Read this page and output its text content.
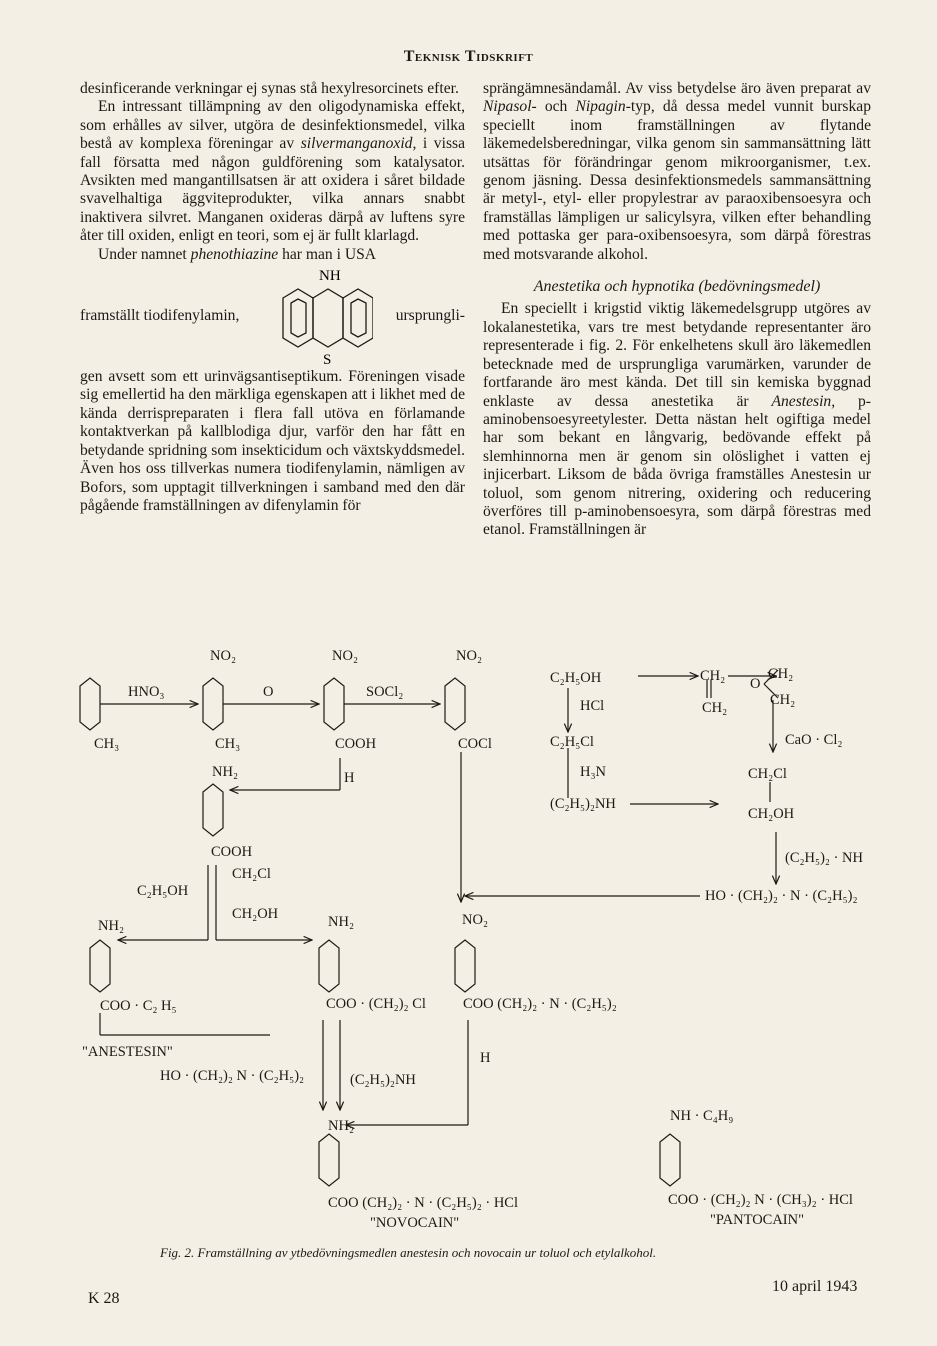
Teknisk Tidskrift

desinficerande verkningar ej synas stå hexylresorcinets efter.

En intressant tillämpning av den oligodynamiska effekt, som erhålles av silver, utgöra de desinfektionsmedel, vilka bestå av komplexa föreningar av silvermanganoxid, i vissa fall försatta med någon guldförening som katalysator. Avsikten med mangantillsatsen är att oxidera i såret bildade svavelhaltiga äggviteprodukter, vilka annars snabbt inaktivera silvret. Manganen oxideras därpå av luftens syre åter till oxiden, enligt en teori, som ej är fullt klarlagd.

Under namnet phenothiazine har man i USA

framställt tiodifenylamin,
NH
S
ursprungli-

gen avsett som ett urinvägsantiseptikum. Föreningen visade sig emellertid ha den märkliga egenskapen att i likhet med de kända derrispreparaten i flera fall utöva en förlamande kontaktverkan på kallblodiga djur, varför den har fått en betydande spridning som insekticidum och växtskyddsmedel. Även hos oss tillverkas numera tiodifenylamin, nämligen av Bofors, som upptagit tillverkningen i samband med den där pågående framställningen av difenylamin för

sprängämnesändamål. Av viss betydelse äro även preparat av Nipasol- och Nipagin-typ, då dessa medel vunnit burskap speciellt inom framställningen av flytande läkemedelsberedningar, vilka genom sin sammansättning lätt utsättas för förändringar genom mikroorganismer, t.ex. genom jäsning. Dessa desinfektionsmedels sammansättning är metyl-, etyl- eller propylestrar av paraoxibensoesyra och framställas lämpligen ur salicylsyra, vilken efter behandling med pottaska ger para-oxibensoesyra, som därpå förestras med motsvarande alkohol.

Anestetika och hypnotika (bedövningsmedel)

En speciellt i krigstid viktig läkemedelsgrupp utgöres av lokalanestetika, vars tre mest betydande representanter äro representerade i fig. 2. För enkelhetens skull äro läkemedlen betecknade med de ursprungliga varumärken, varunder de fortfarande äro mest kända. Det till sin kemiska byggnad enklaste av dessa anestetika är Anestesin, p-aminobensoesyreetylester. Detta nästan helt ogiftiga medel har som bekant en långvarig, bedövande effekt på slemhinnorna men är genom sin olöslighet i vatten ej injicerbart. Liksom de båda övriga framställes Anestesin ur toluol, som genom nitrering, oxidering och reducering överföres till p-aminobensoesyra, som därpå förestras med etanol. Framställningen är

NO₂	NO₂	NO₂
HNO₃	O	SOCl₂
CH₃	CH₃	COOH	COCl
NH₂	H
COOH
CH₂Cl
CH₂OH
C₂H₅OH
NH₂	NH₂	NO₂
COO · C₂ H₅	COO · (CH₂)₂ Cl	COO (CH₂)₂ · N · (C₂H₅)₂
"ANESTESIN"
HO · (CH₂)₂ N · (C₂H₅)₂	(C₂H₅)₂NH
H
NH₂
COO (CH₂)₂ · N · (C₂H₅)₂ · HCl
"NOVOCAIN"
NH · C₄H₉
COO · (CH₂)₂ N · (CH₃)₂ · HCl
"PANTOCAIN"
C₂H₅OH	CH₂
CH₂
CH₂
O
CH₂
HCl
C₂H₅Cl
H₃N
(C₂H₅)₂NH
CaO · Cl₂
CH₂Cl
CH₂OH
(C₂H₅)₂ · NH
HO · (CH₂)₂ · N · (C₂H₅)₂
Fig. 2. Framställning av ytbedövningsmedlen anestesin och novocain ur toluol och etylalkohol.
K 28
10 april 1943
